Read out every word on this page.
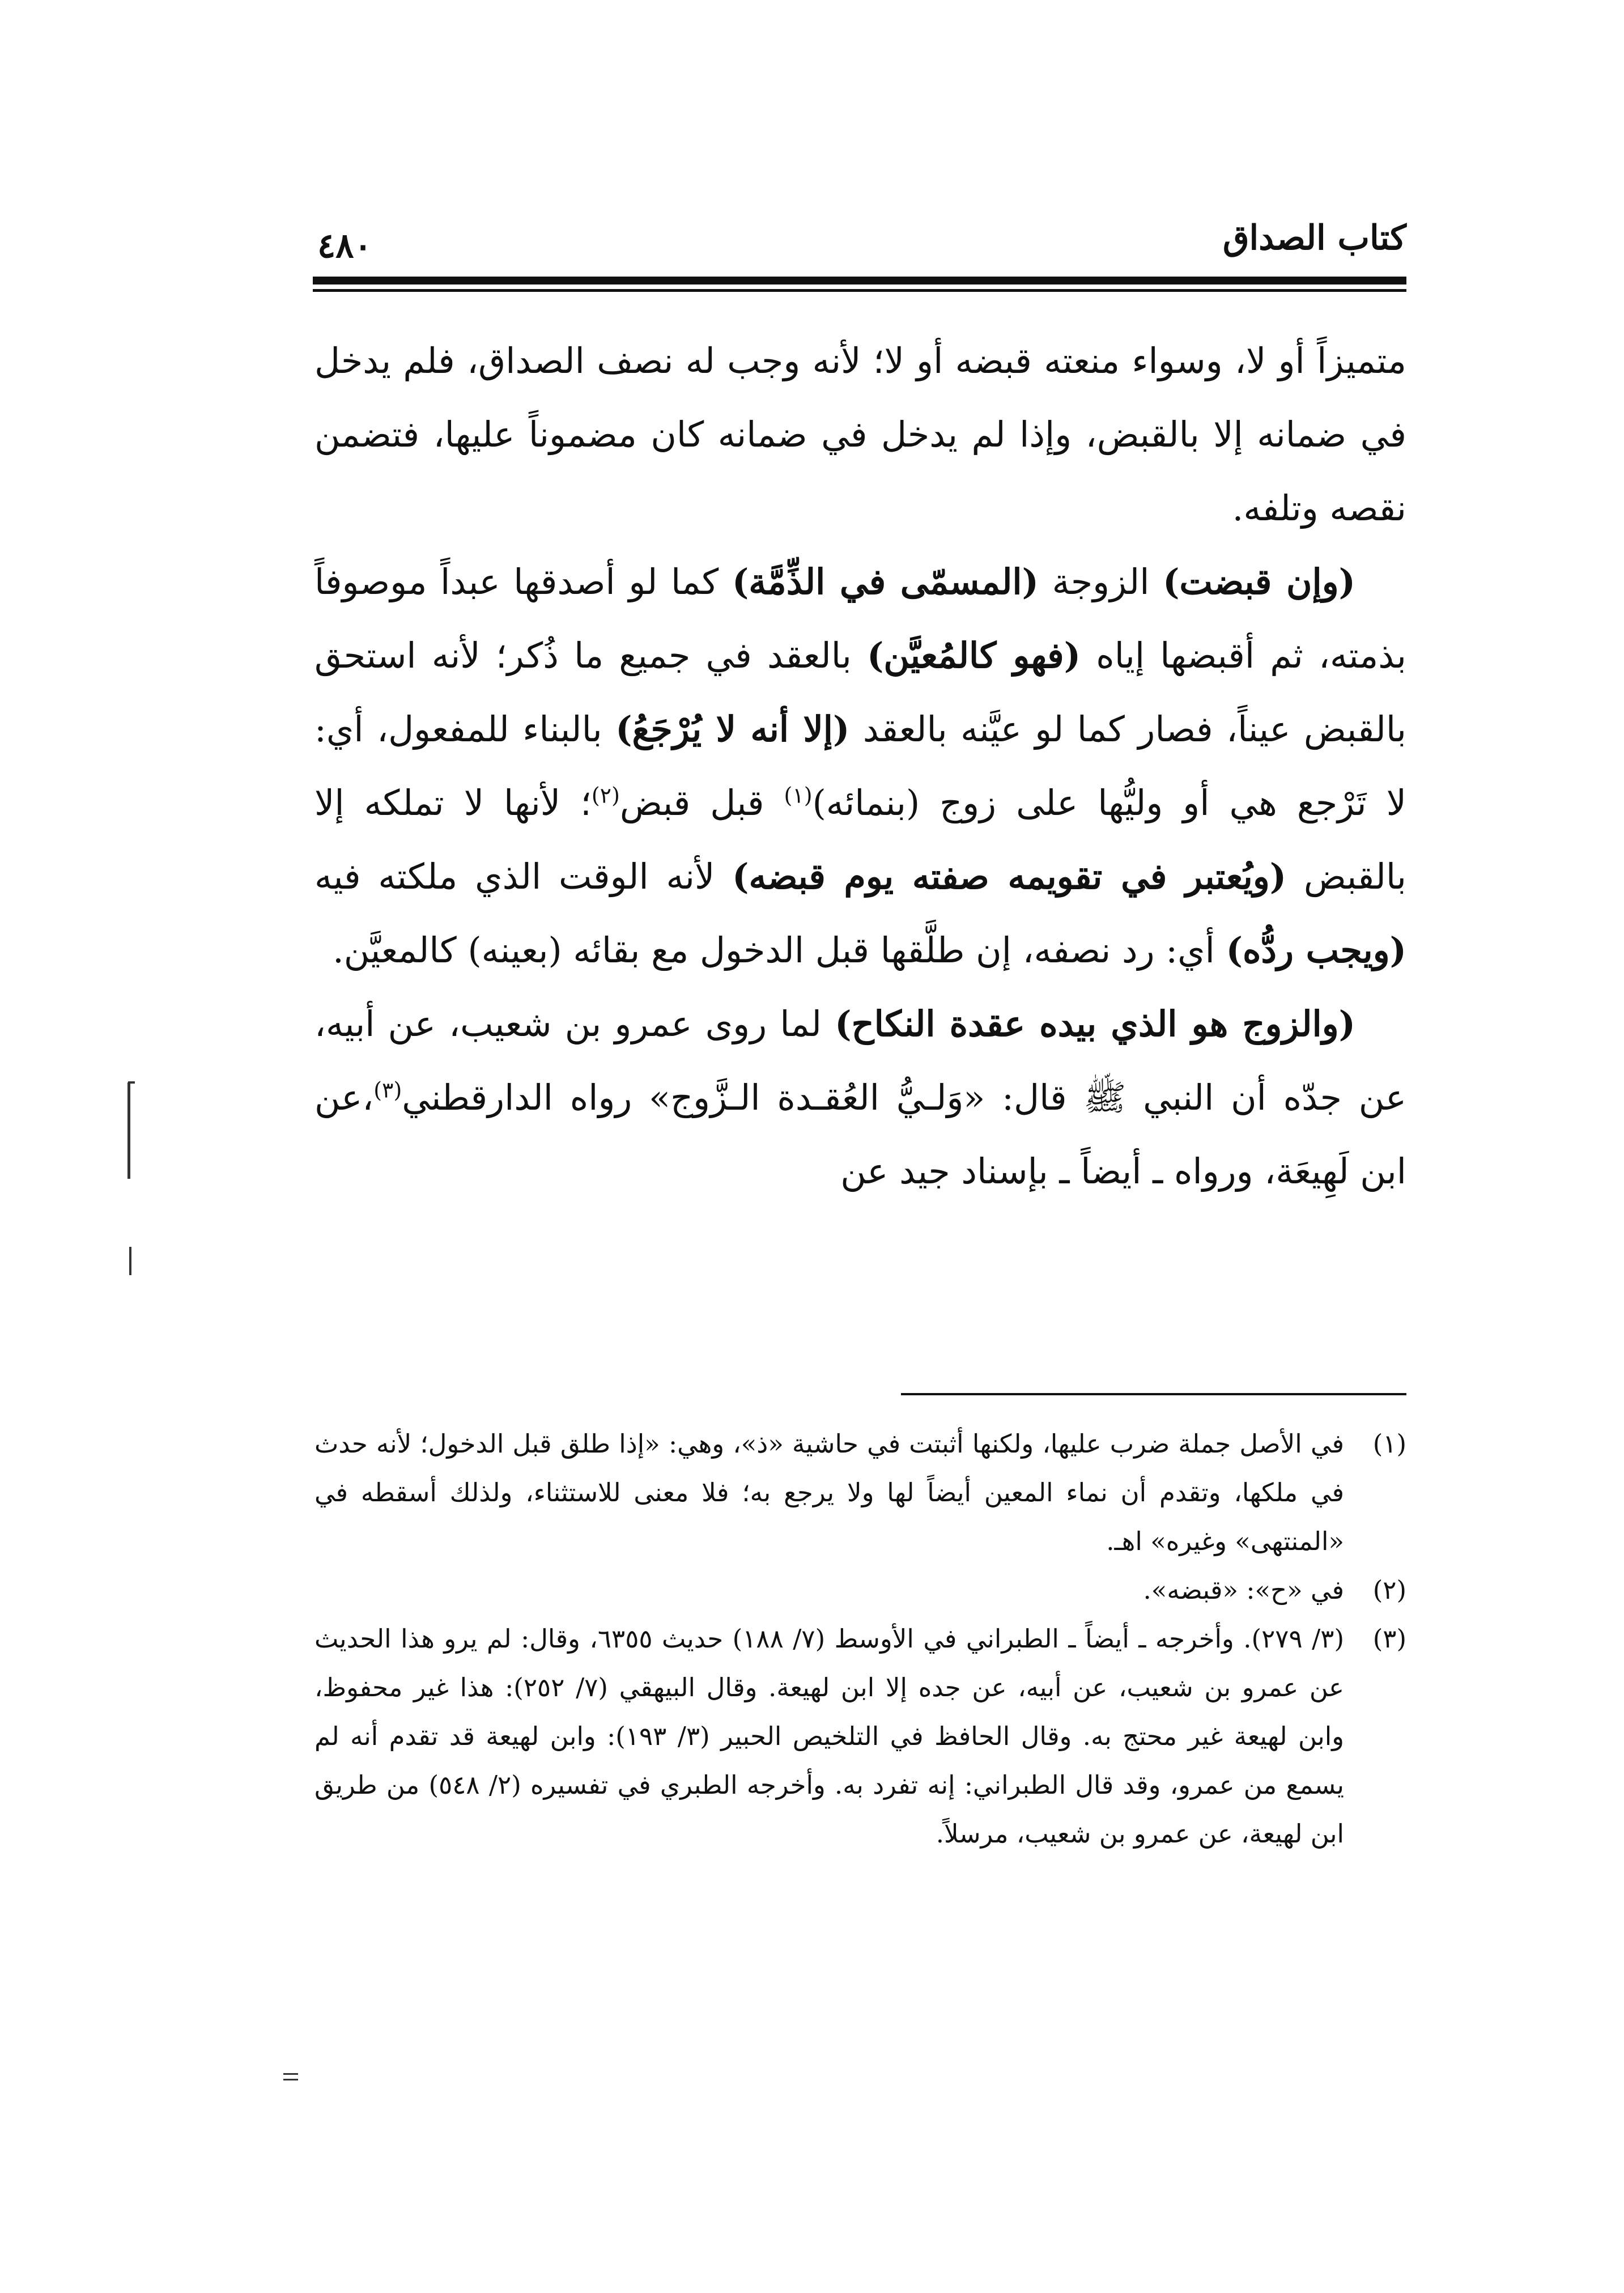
كتاب الصداق
٤٨٠

متميزاً أو لا، وسواء منعته قبضه أو لا؛ لأنه وجب له نصف الصداق، فلم يدخل في ضمانه إلا بالقبض، وإذا لم يدخل في ضمانه كان مضموناً عليها، فتضمن نقصه وتلفه.

(وإن قبضت) الزوجة (المسمّى في الذِّمَّة) كما لو أصدقها عبداً موصوفاً بذمته، ثم أقبضها إياه (فهو كالمُعيَّن) بالعقد في جميع ما ذُكر؛ لأنه استحق بالقبض عيناً، فصار كما لو عيَّنه بالعقد (إلا أنه لا يُرْجَعُ) بالبناء للمفعول، أي: لا تَرْجع هي أو وليُّها على زوج (بنمائه)$^{(١)}$ قبل قبض$^{(٢)}$؛ لأنها لا تملكه إلا بالقبض (ويُعتبر في تقويمه صفته يوم قبضه) لأنه الوقت الذي ملكته فيه (ويجب ردُّه) أي: رد نصفه، إن طلَّقها قبل الدخول مع بقائه (بعينه) كالمعيَّن.

(والزوج هو الذي بيده عقدة النكاح) لما روى عمرو بن شعيب، عن أبيه، عن جدّه أن النبي ﷺ قال: «وَلـيُّ العُقـدة الـزَّوج» رواه الدارقطني$^{(٣)}$،عن ابن لَهِيعَة، ورواه ـ أيضاً ـ بإسناد جيد عن

(١)
في الأصل جملة ضرب عليها، ولكنها أثبتت في حاشية «ذ»، وهي: «إذا طلق قبل الدخول؛ لأنه حدث في ملكها، وتقدم أن نماء المعين أيضاً لها ولا يرجع به؛ فلا معنى للاستثناء، ولذلك أسقطه في «المنتهى» وغيره» اهـ.

(٢)
في «ح»: «قبضه».

(٣)
(٣/ ٢٧٩). وأخرجه ـ أيضاً ـ الطبراني في الأوسط (٧/ ١٨٨) حديث ٦٣٥٥، وقال: لم يرو هذا الحديث عن عمرو بن شعيب، عن أبيه، عن جده إلا ابن لهيعة. وقال البيهقي (٧/ ٢٥٢): هذا غير محفوظ، وابن لهيعة غير محتج به. وقال الحافظ في التلخيص الحبير (٣/ ١٩٣): وابن لهيعة قد تقدم أنه لم يسمع من عمرو، وقد قال الطبراني: إنه تفرد به. وأخرجه الطبري في تفسيره (٢/ ٥٤٨) من طريق ابن لهيعة، عن عمرو بن شعيب، مرسلاً.
